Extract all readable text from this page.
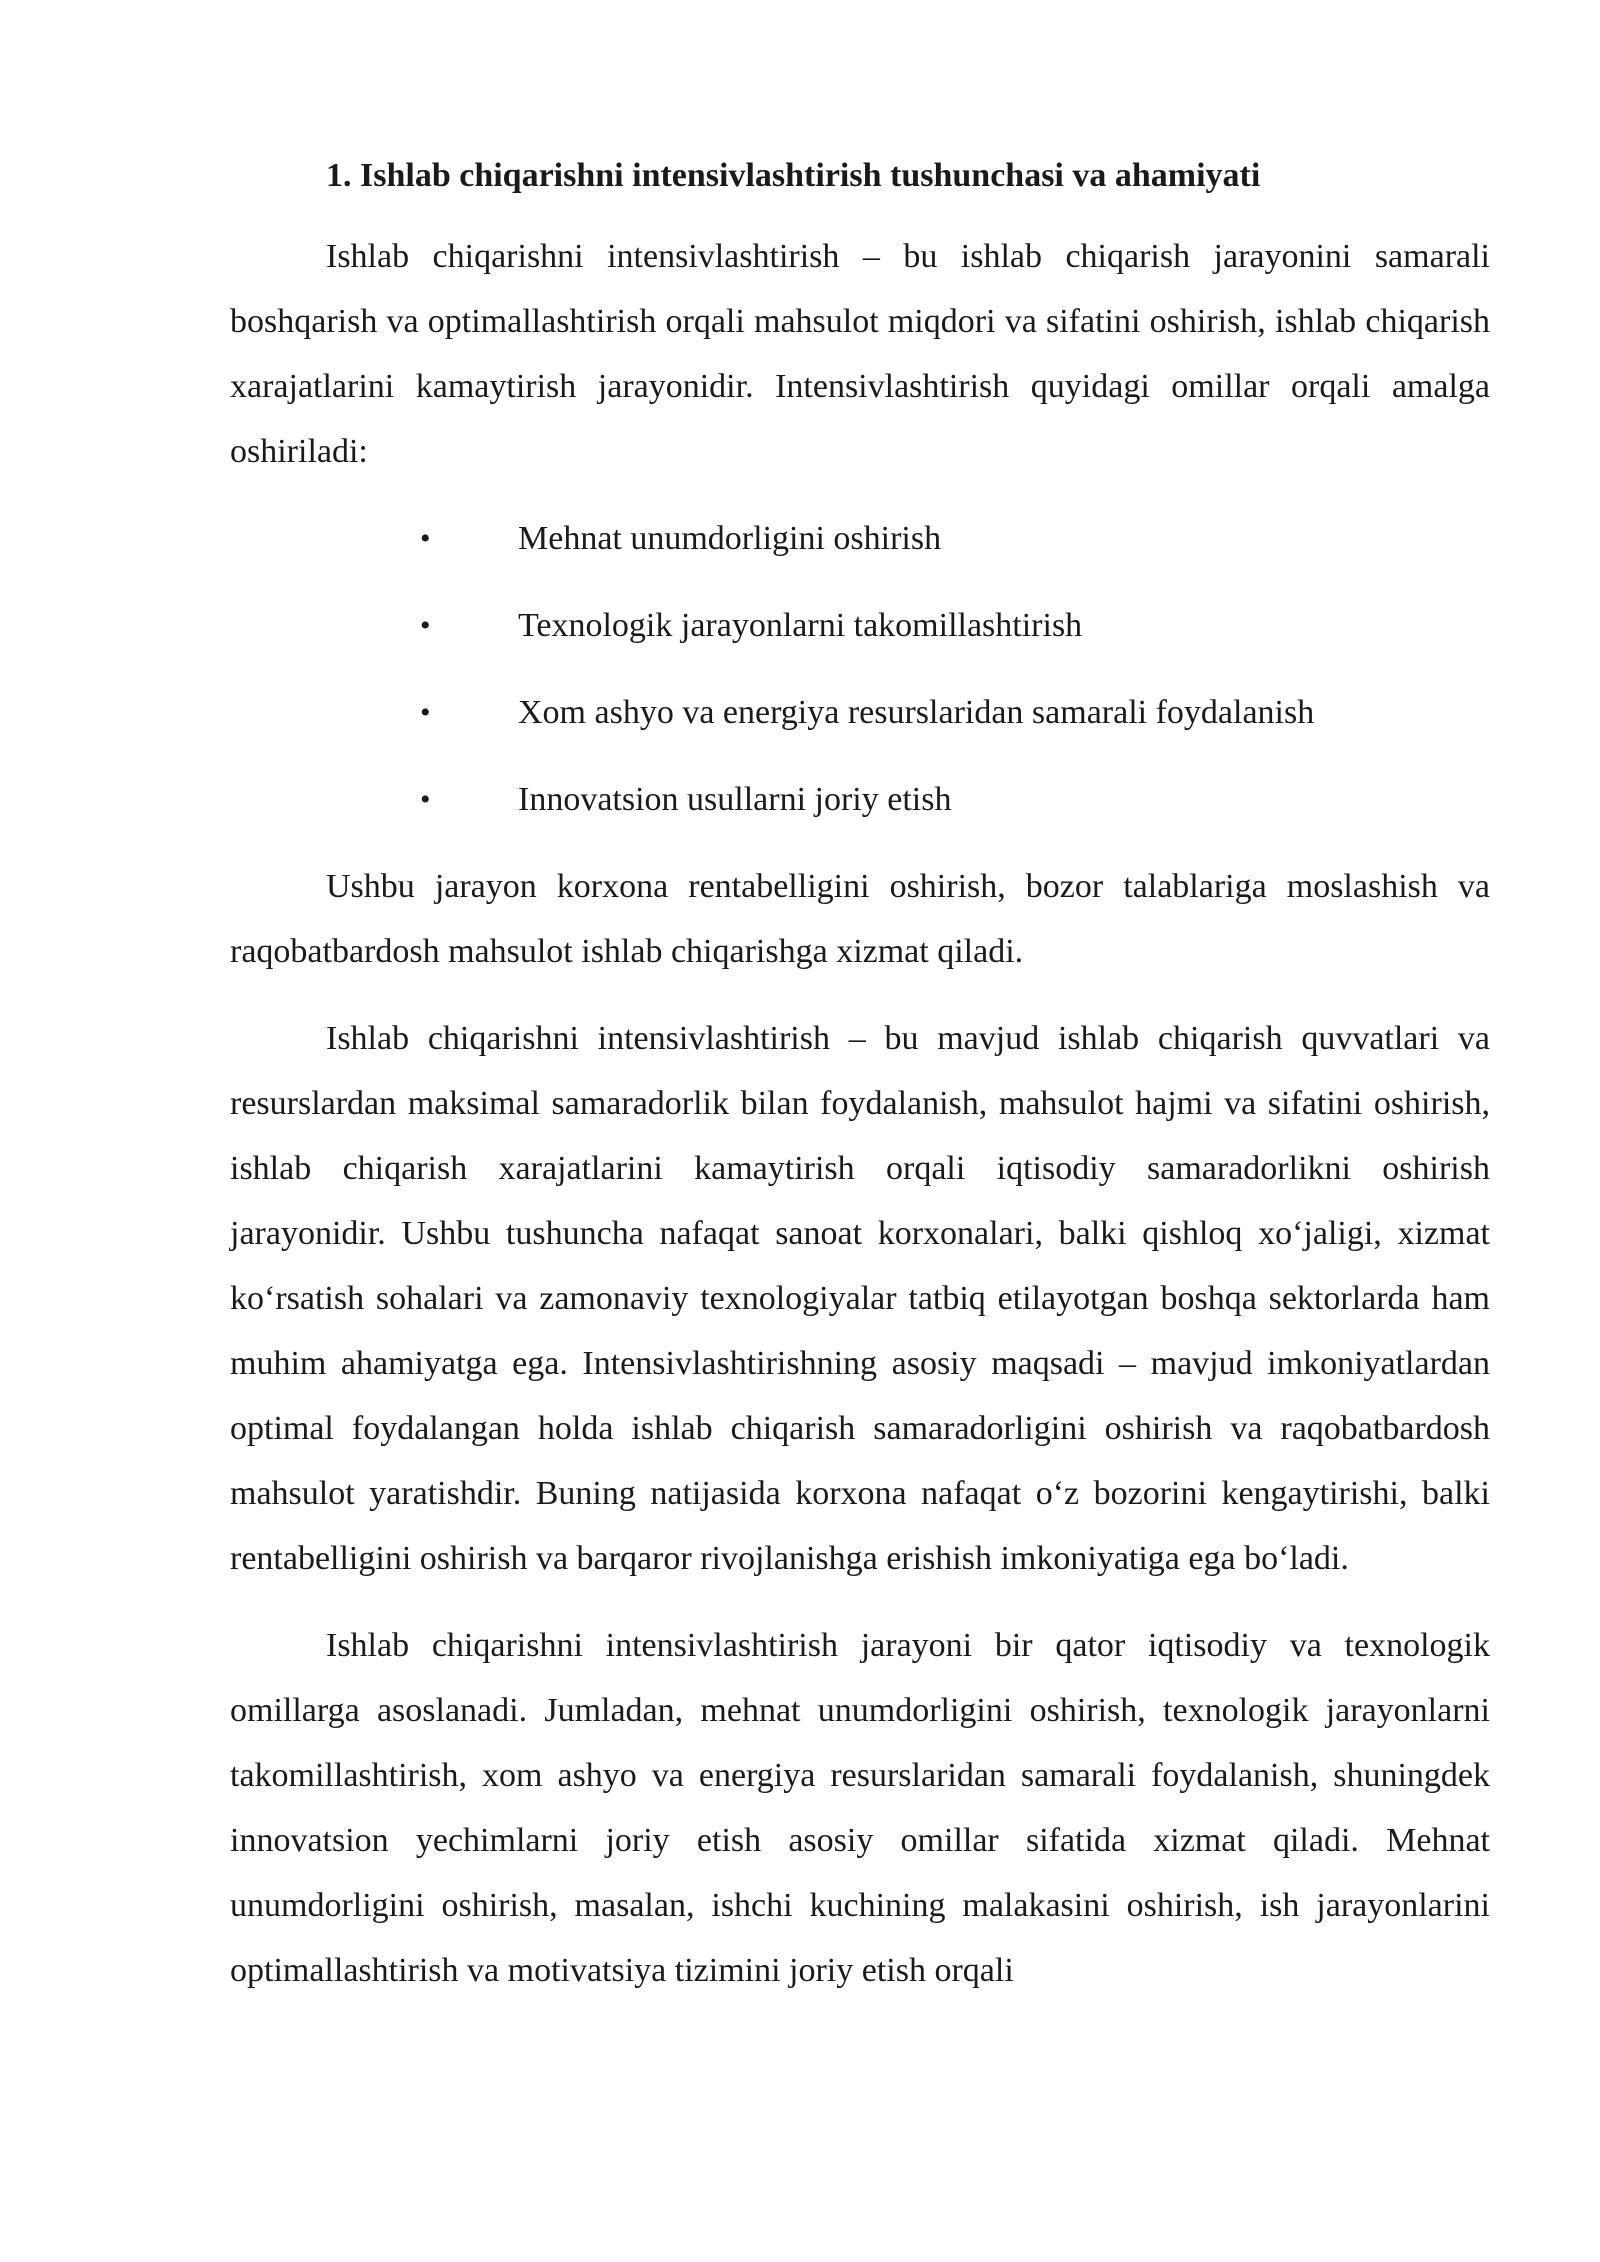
1. Ishlab chiqarishni intensivlashtirish tushunchasi va ahamiyati

Ishlab chiqarishni intensivlashtirish – bu ishlab chiqarish jarayonini samarali boshqarish va optimallashtirish orqali mahsulot miqdori va sifatini oshirish, ishlab chiqarish xarajatlarini kamaytirish jarayonidir. Intensivlashtirish quyidagi omillar orqali amalga oshiriladi:

•	Mehnat unumdorligini oshirish
•	Texnologik jarayonlarni takomillashtirish
•	Xom ashyo va energiya resurslaridan samarali foydalanish
•	Innovatsion usullarni joriy etish

Ushbu jarayon korxona rentabelligini oshirish, bozor talablariga moslashish va raqobatbardosh mahsulot ishlab chiqarishga xizmat qiladi.

Ishlab chiqarishni intensivlashtirish – bu mavjud ishlab chiqarish quvvatlari va resurslardan maksimal samaradorlik bilan foydalanish, mahsulot hajmi va sifatini oshirish, ishlab chiqarish xarajatlarini kamaytirish orqali iqtisodiy samaradorlikni oshirish jarayonidir. Ushbu tushuncha nafaqat sanoat korxonalari, balki qishloq xo‘jaligi, xizmat ko‘rsatish sohalari va zamonaviy texnologiyalar tatbiq etilayotgan boshqa sektorlarda ham muhim ahamiyatga ega. Intensivlashtirishning asosiy maqsadi – mavjud imkoniyatlardan optimal foydalangan holda ishlab chiqarish samaradorligini oshirish va raqobatbardosh mahsulot yaratishdir. Buning natijasida korxona nafaqat o‘z bozorini kengaytirishi, balki rentabelligini oshirish va barqaror rivojlanishga erishish imkoniyatiga ega bo‘ladi.

Ishlab chiqarishni intensivlashtirish jarayoni bir qator iqtisodiy va texnologik omillarga asoslanadi. Jumladan, mehnat unumdorligini oshirish, texnologik jarayonlarni takomillashtirish, xom ashyo va energiya resurslaridan samarali foydalanish, shuningdek innovatsion yechimlarni joriy etish asosiy omillar sifatida xizmat qiladi. Mehnat unumdorligini oshirish, masalan, ishchi kuchining malakasini oshirish, ish jarayonlarini optimallashtirish va motivatsiya tizimini joriy etish orqali
